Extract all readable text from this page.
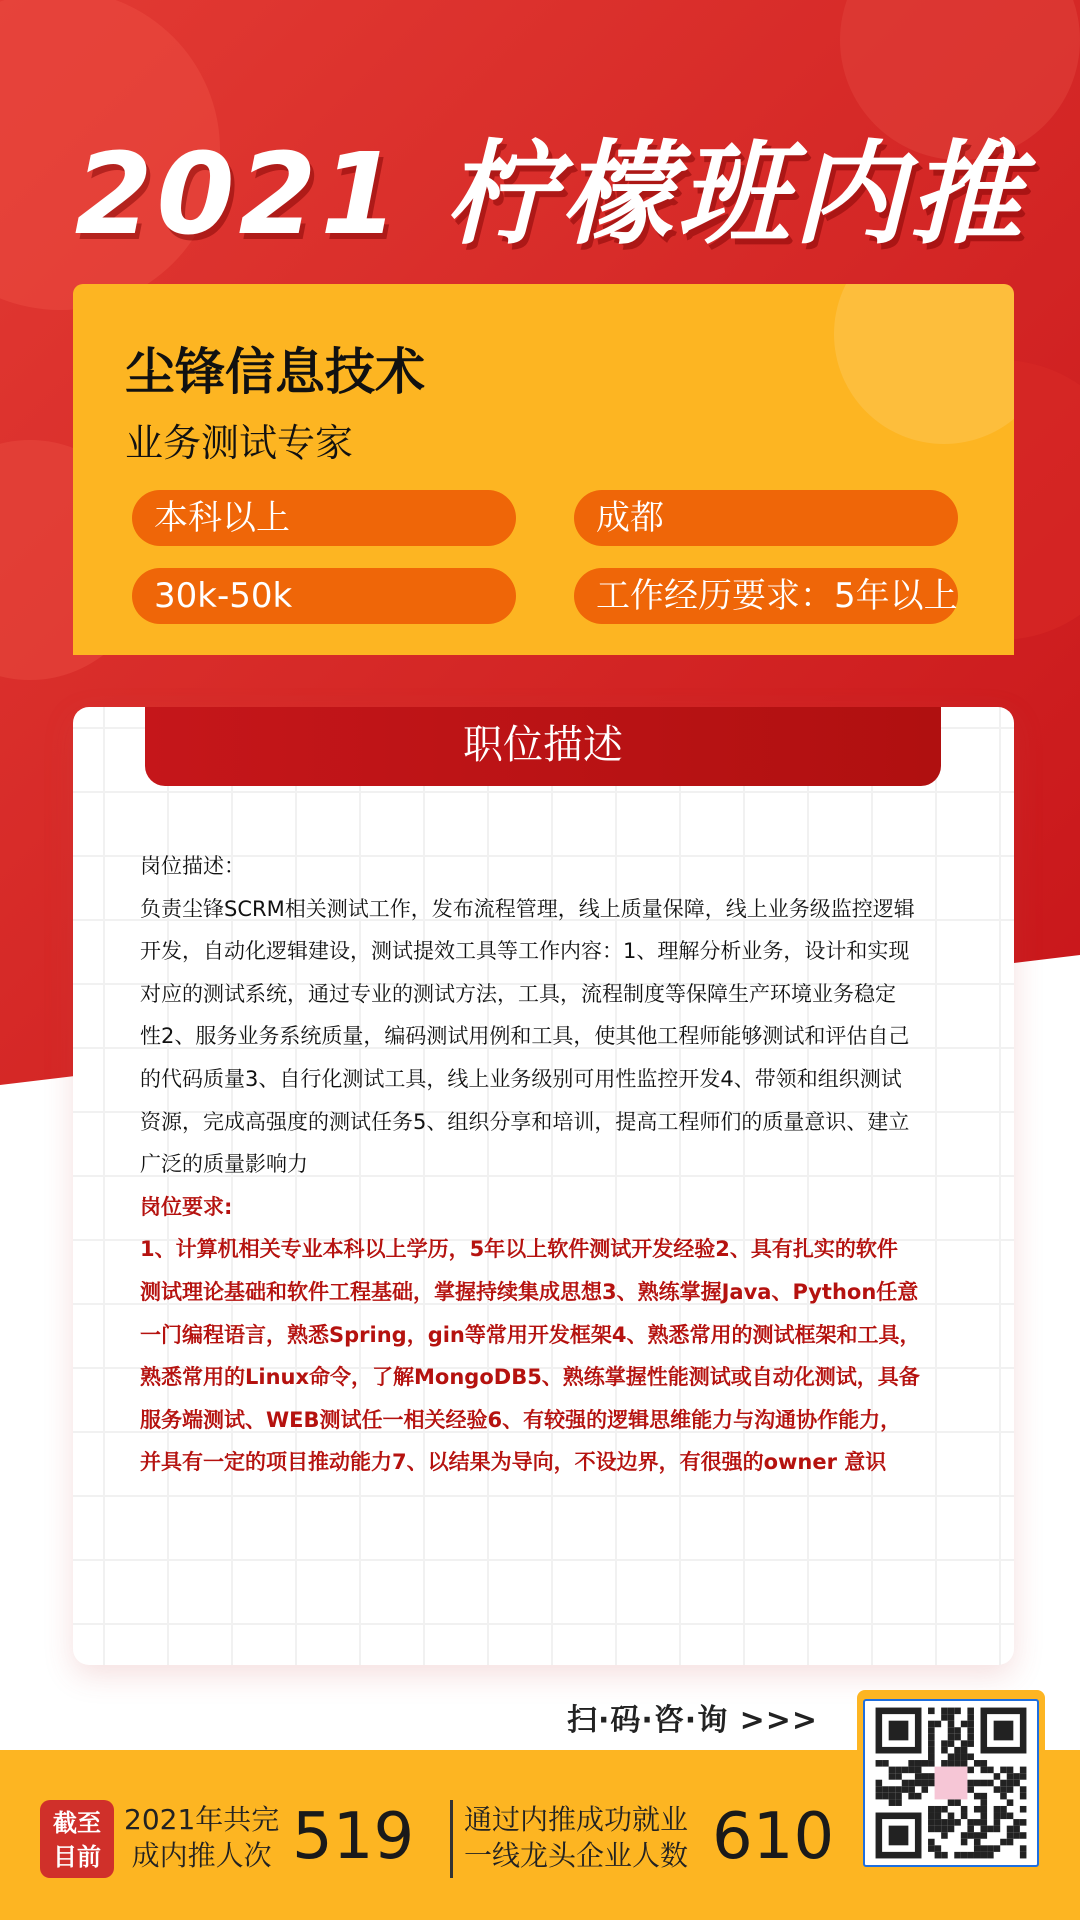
2021 柠檬班内推
尘锋信息技术
业务测试专家
本科以上	成都
30k-50k	工作经历要求：5年以上
职位描述
岗位描述：
负责尘锋SCRM相关测试工作，发布流程管理，线上质量保障，线上业务级监控逻辑
开发，自动化逻辑建设，测试提效工具等工作内容：1、理解分析业务，设计和实现
对应的测试系统，通过专业的测试方法，工具，流程制度等保障生产环境业务稳定
性2、服务业务系统质量，编码测试用例和工具，使其他工程师能够测试和评估自己
的代码质量3、自行化测试工具，线上业务级别可用性监控开发4、带领和组织测试
资源，完成高强度的测试任务5、组织分享和培训，提高工程师们的质量意识、建立
广泛的质量影响力
岗位要求:
1、计算机相关专业本科以上学历，5年以上软件测试开发经验2、具有扎实的软件
测试理论基础和软件工程基础，掌握持续集成思想3、熟练掌握Java、Python任意
一门编程语言，熟悉Spring，gin等常用开发框架4、熟悉常用的测试框架和工具，
熟悉常用的Linux命令，了解MongoDB5、熟练掌握性能测试或自动化测试，具备
服务端测试、WEB测试任一相关经验6、有较强的逻辑思维能力与沟通协作能力，
并具有一定的项目推动能力7、以结果为导向，不设边界，有很强的owner 意识
扫·码·咨·询 >>>
截至
目前
2021年共完
成内推人次 519 通过内推成功就业
一线龙头企业人数 610
